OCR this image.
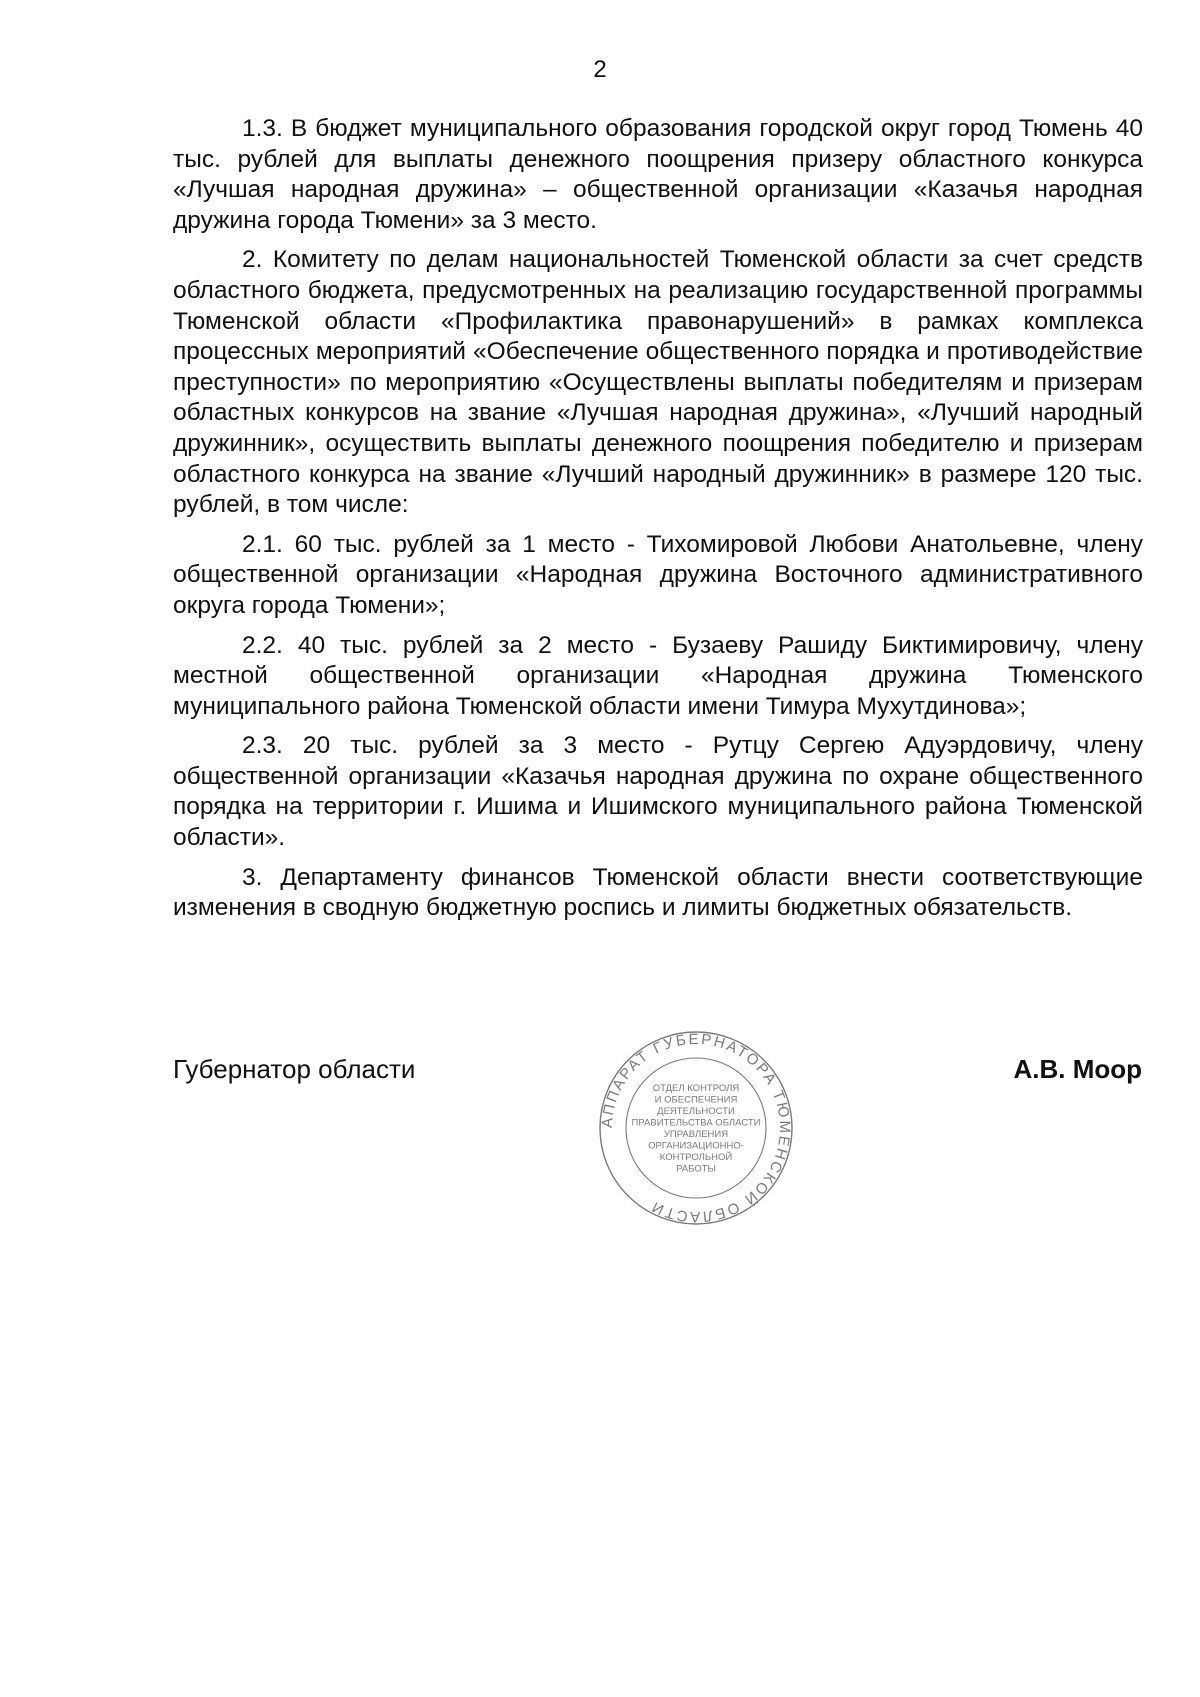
2

1.3. В бюджет муниципального образования городской округ город Тюмень 40 тыс. рублей для выплаты денежного поощрения призеру областного конкурса «Лучшая народная дружина» – общественной организации «Казачья народная дружина города Тюмени» за 3 место.

2. Комитету по делам национальностей Тюменской области за счет средств областного бюджета, предусмотренных на реализацию государственной программы Тюменской области «Профилактика правонарушений» в рамках комплекса процессных мероприятий «Обеспечение общественного порядка и противодействие преступности» по мероприятию «Осуществлены выплаты победителям и призерам областных конкурсов на звание «Лучшая народная дружина», «Лучший народный дружинник», осуществить выплаты денежного поощрения победителю и призерам областного конкурса на звание «Лучший народный дружинник» в размере 120 тыс. рублей, в том числе:

2.1. 60 тыс. рублей за 1 место - Тихомировой Любови Анатольевне, члену общественной организации «Народная дружина Восточного административного округа города Тюмени»;

2.2. 40 тыс. рублей за 2 место - Бузаеву Рашиду Биктимировичу, члену местной общественной организации «Народная дружина Тюменского муниципального района Тюменской области имени Тимура Мухутдинова»;

2.3. 20 тыс. рублей за 3 место - Рутцу Сергею Адуэрдовичу, члену общественной организации «Казачья народная дружина по охране общественного порядка на территории г. Ишима и Ишимского муниципального района Тюменской области».

3. Департаменту финансов Тюменской области внести соответствующие изменения в сводную бюджетную роспись и лимиты бюджетных обязательств.

Губернатор области	А.В. Моор
АППАРАТ ГУБЕРНАТОРА ТЮМЕНСКОЙ ОБЛАСТИ
ОТДЕЛ КОНТРОЛЯ
И ОБЕСПЕЧЕНИЯ
ДЕЯТЕЛЬНОСТИ
ПРАВИТЕЛЬСТВА ОБЛАСТИ
УПРАВЛЕНИЯ
ОРГАНИЗАЦИОННО-
КОНТРОЛЬНОЙ
РАБОТЫ
